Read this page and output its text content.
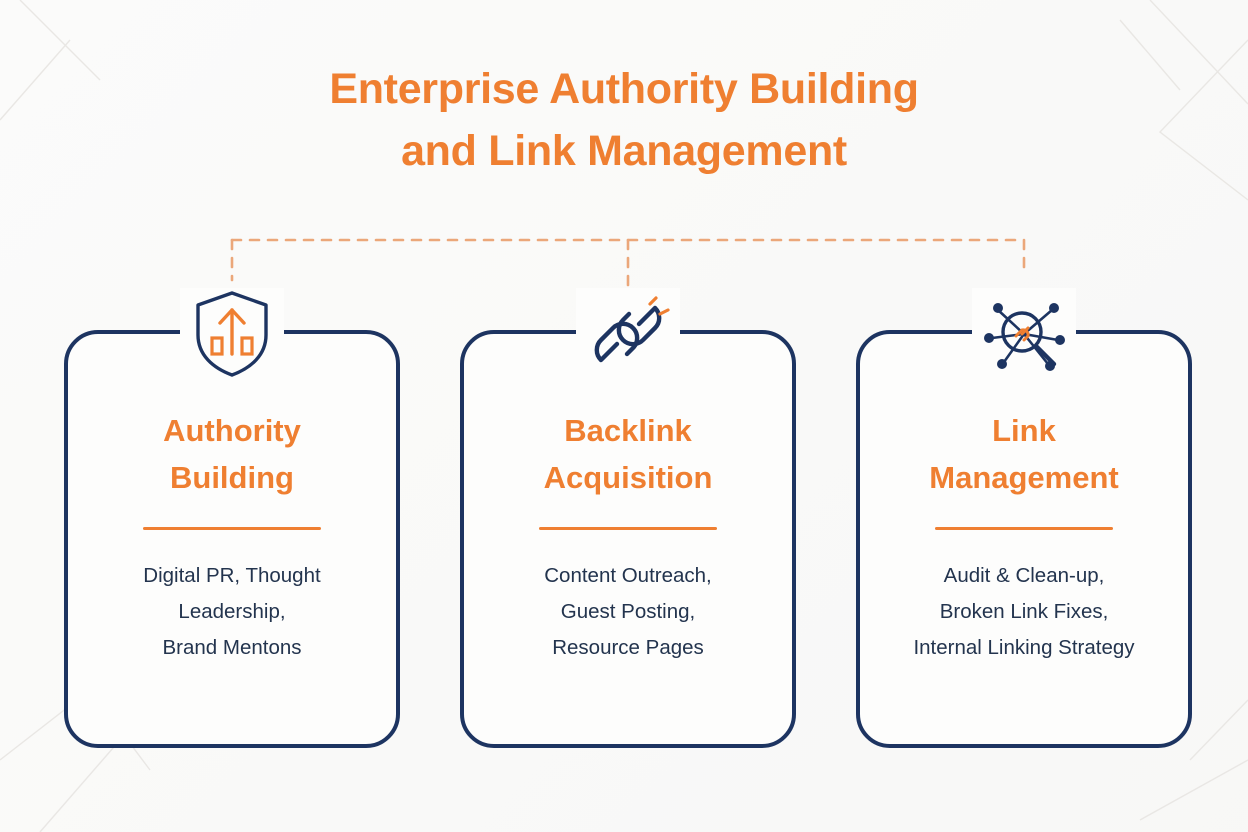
Enterprise Authority Building
and Link Management
Authority
Building
Digital PR, Thought
Leadership,
Brand Mentons
Backlink
Acquisition
Content Outreach,
Guest Posting,
Resource Pages
Link
Management
Audit & Clean-up,
Broken Link Fixes,
Internal Linking Strategy
